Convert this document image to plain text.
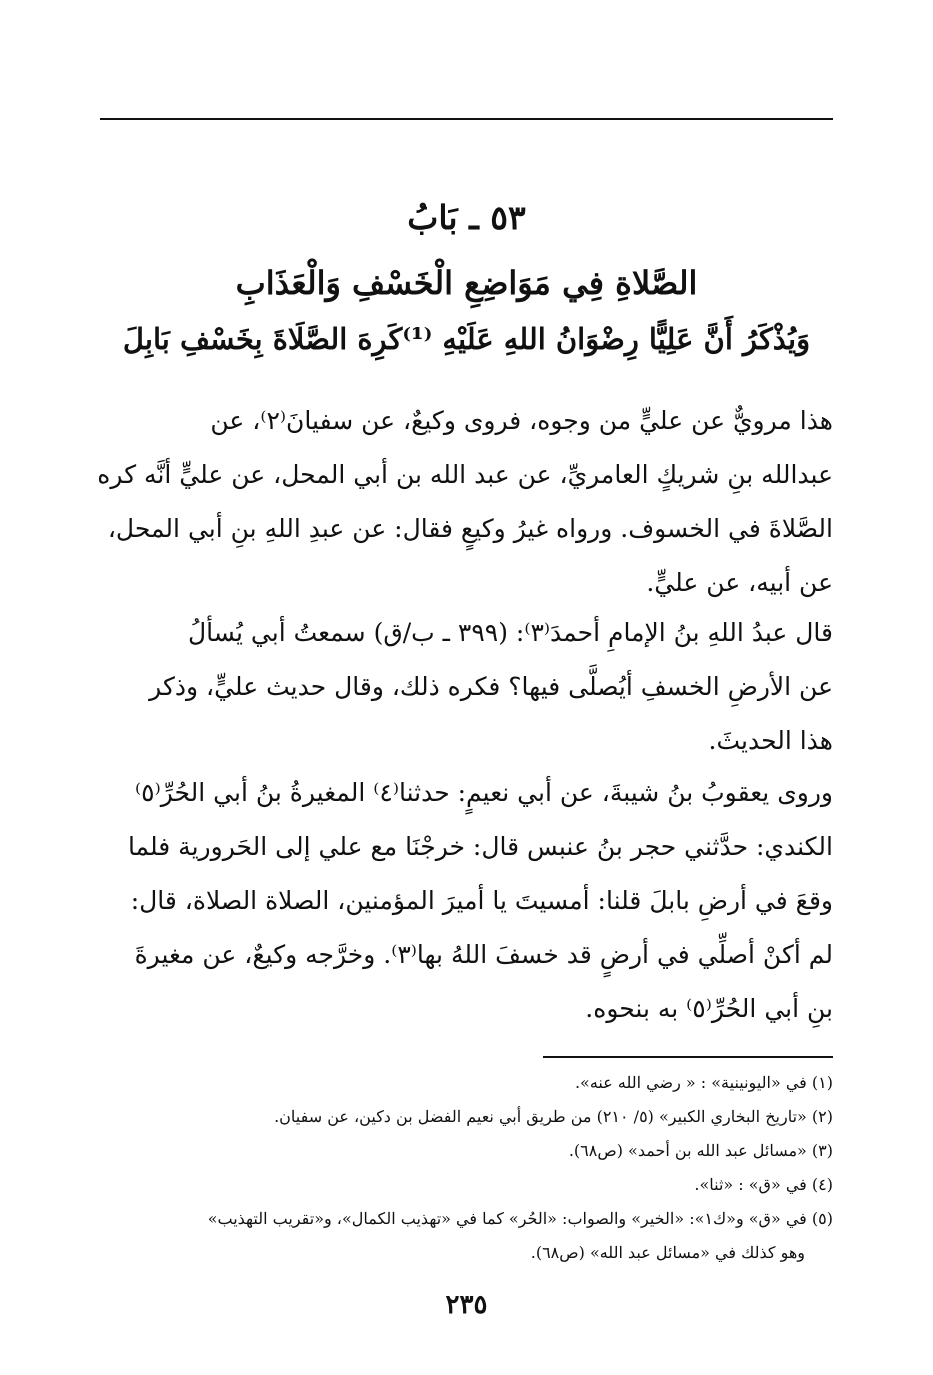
٥٣ ـ بَابُ
الصَّلاةِ فِي مَوَاضِعِ الْخَسْفِ وَالْعَذَابِ
وَيُذْكَرُ أَنَّ عَلِيًّا رِضْوَانُ اللهِ عَلَيْهِ ⁽¹⁾كَرِهَ الصَّلَاةَ بِخَسْفِ بَابِلَ
هذا مرويٌّ عن عليٍّ من وجوه، فروى وكيعٌ، عن سفيانَ⁽٢⁾، عن
عبدالله بنِ شريكٍ العامريِّ، عن عبد الله بن أبي المحل، عن عليٍّ أنَّه كره
الصَّلاةَ في الخسوف. ورواه غيرُ وكيعٍ فقال: عن عبدِ اللهِ بنِ أبي المحل،
عن أبيه، عن عليٍّ.
قال عبدُ اللهِ بنُ الإمامِ أحمدَ⁽٣⁾: (٣٩٩ ـ ب/ق) سمعتُ أبي يُسألُ
عن الأرضِ الخسفِ أيُصلَّى فيها؟ فكره ذلك، وقال حديث عليٍّ، وذكر
هذا الحديثَ.
وروى يعقوبُ بنُ شيبةَ، عن أبي نعيمٍ: حدثنا⁽٤⁾ المغيرةُ بنُ أبي الحُرِّ⁽٥⁾
الكندي: حدَّثني حجر بنُ عنبس قال: خرجْنَا مع علي إلى الحَرورية فلما
وقعَ في أرضِ بابلَ قلنا: أمسيتَ يا أميرَ المؤمنين، الصلاة الصلاة، قال:
لم أكنْ أصلِّي في أرضٍ قد خسفَ اللهُ بها⁽٣⁾. وخرَّجه وكيعٌ، عن مغيرةَ
بنِ أبي الحُرِّ⁽٥⁾ به بنحوه.
(١) في «اليونينية» : « رضي الله عنه».
(٢) «تاريخ البخاري الكبير» (٥/ ٢١٠) من طريق أبي نعيم الفضل بن دكين، عن سفيان.
(٣) «مسائل عبد الله بن أحمد» (ص٦٨).
(٤) في «ق» : «ثنا».
(٥) في «ق» و«ك١»: «الخير» والصواب: «الحُر» كما في «تهذيب الكمال»، و«تقريب التهذيب»
وهو كذلك في «مسائل عبد الله» (ص٦٨).
٢٣٥
